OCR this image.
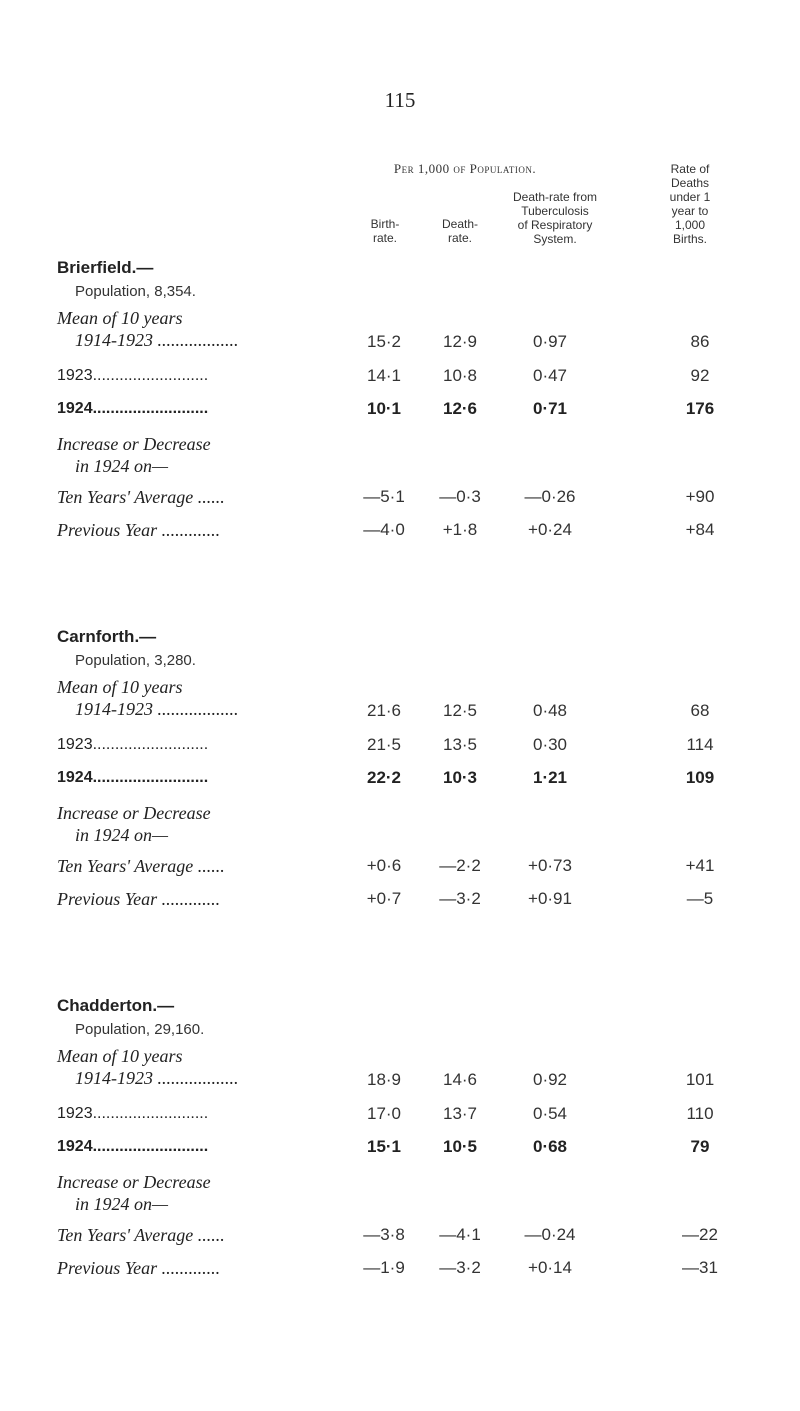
115
Per 1,000 of Population.
Birth-
rate.
Death-
rate.
Death-rate from
Tuberculosis
of Respiratory
System.
Rate of
Deaths
under 1
year to
1,000
Births.
Brierfield.—
Population, 8,354.
Mean of 10 years
1914-1923 ..................	15·2	12·9	0·97	86
1923..........................	14·1	10·8	0·47	92
1924..........................	10·1	12·6	0·71	176
Increase or Decrease
in 1924 on—
Ten Years' Average ......	—5·1	—0·3	—0·26	+90
Previous Year .............	—4·0	+1·8	+0·24	+84
Carnforth.—
Population, 3,280.
Mean of 10 years
1914-1923 ..................	21·6	12·5	0·48	68
1923..........................	21·5	13·5	0·30	114
1924..........................	22·2	10·3	1·21	109
Increase or Decrease
in 1924 on—
Ten Years' Average ......	+0·6	—2·2	+0·73	+41
Previous Year .............	+0·7	—3·2	+0·91	—5
Chadderton.—
Population, 29,160.
Mean of 10 years
1914-1923 ..................	18·9	14·6	0·92	101
1923..........................	17·0	13·7	0·54	110
1924..........................	15·1	10·5	0·68	79
Increase or Decrease
in 1924 on—
Ten Years' Average ......	—3·8	—4·1	—0·24	—22
Previous Year .............	—1·9	—3·2	+0·14	—31
